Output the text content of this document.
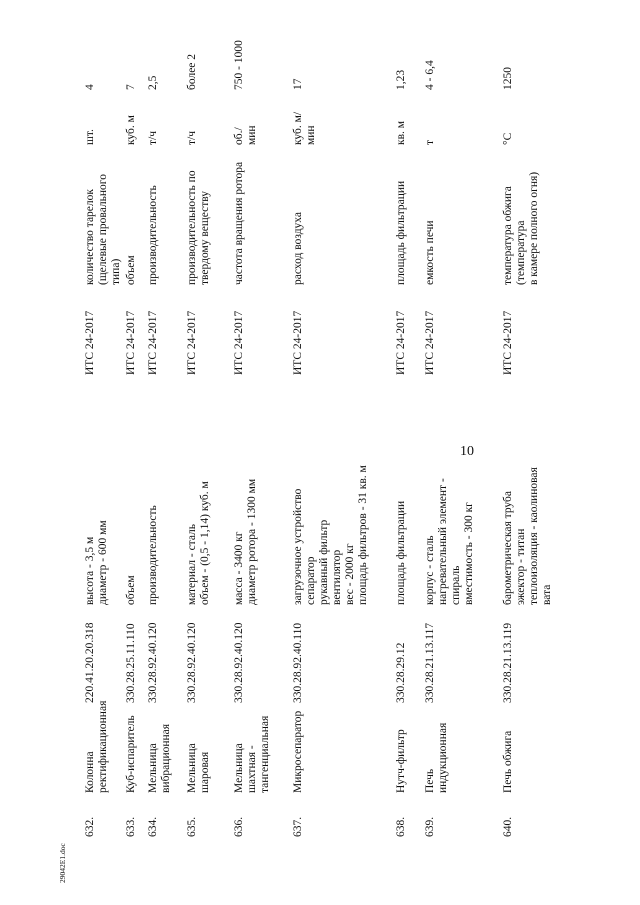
10
29042E1.doc
632.
Колонна ректификационная
220.41.20.20.318
высота - 3,5 м диаметр - 600 мм
ИТС 24-2017
количество тарелок (щелевые провального типа)
шт.
4
633.
Куб-испаритель
330.28.25.11.110
объем
ИТС 24-2017
объем
куб. м
7
634.
Мельница вибрационная
330.28.92.40.120
производительность
ИТС 24-2017
производительность
т/ч
2,5
635.
Мельница шаровая
330.28.92.40.120
материал - сталь объем - (0,5 - 1,14) куб. м
ИТС 24-2017
производительность по твердому веществу
т/ч
более 2
636.
Мельница шахтная - тангенциальная
330.28.92.40.120
масса - 3400 кг диаметр ротора - 1300 мм
ИТС 24-2017
частота вращения ротора
об./ мин
750 - 1000
637.
Микросепаратор
330.28.92.40.110
загрузочное устройство сепаратор рукавный фильтр вентилятор вес - 2000 кг площадь фильтров - 31 кв. м
ИТС 24-2017
расход воздуха
куб. м/ мин
17
638.
Нутч-фильтр
330.28.29.12
площадь фильтрации
ИТС 24-2017
площадь фильтрации
кв. м
1,23
639.
Печь индукционная
330.28.21.13.117
корпус - сталь нагревательный элемент - спираль вместимость - 300 кг
ИТС 24-2017
емкость печи
т
4 - 6,4
640.
Печь обжига
330.28.21.13.119
барометрическая труба эжектор - титан теплоизоляция - каолиновая вата
ИТС 24-2017
температура обжига (температура в камере полного огня)
°С
1250
